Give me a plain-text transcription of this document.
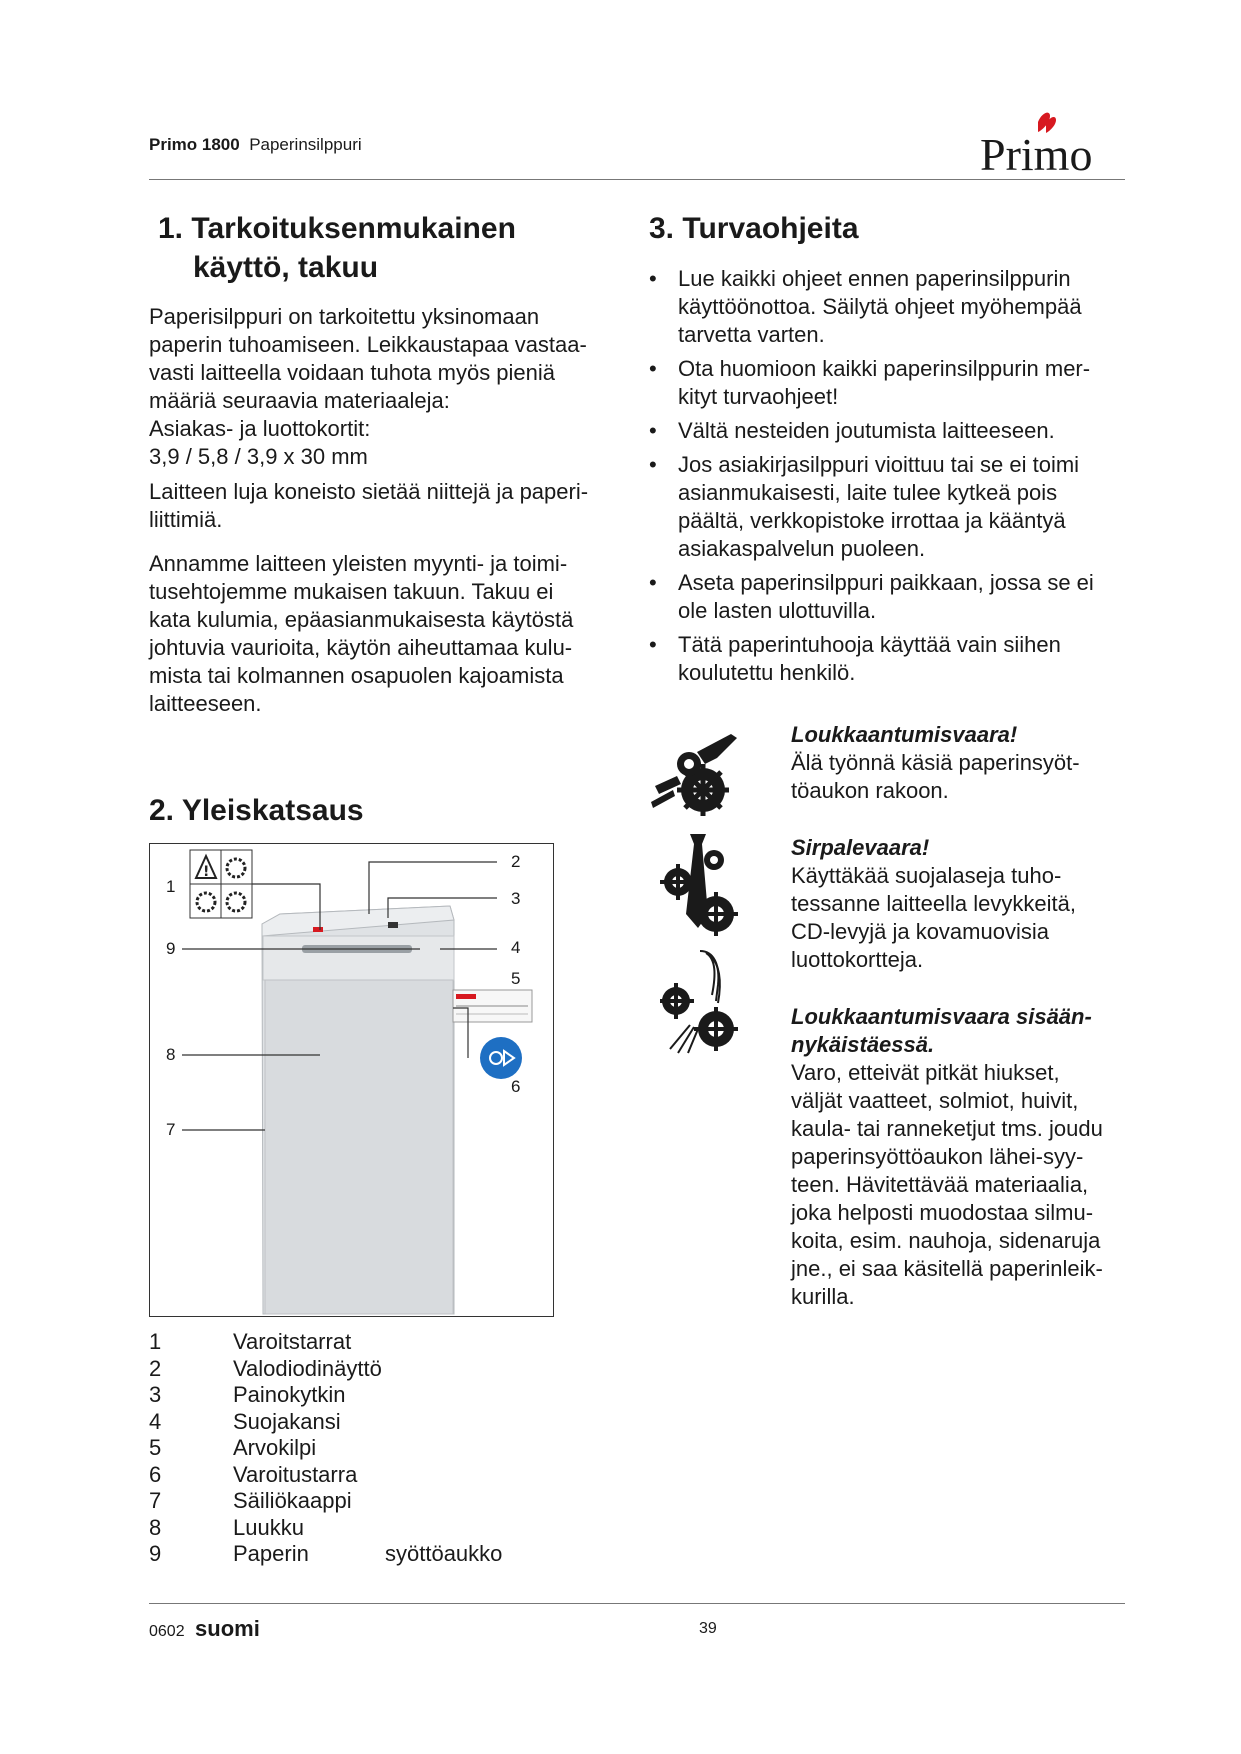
Primo 1800 Paperinsilppuri	Primo
1. Tarkoituksenmukainen
käyttö, takuu
Paperisilppuri on tarkoitettu yksinomaan
paperin tuhoamiseen. Leikkaustapaa vastaa-
vasti laitteella voidaan tuhota myös pieniä
määriä seuraavia materiaaleja:
Asiakas- ja luottokortit:
3,9 / 5,8 / 3,9 x 30 mm
Laitteen luja koneisto sietää niittejä ja paperi-
liittimiä.
Annamme laitteen yleisten myynti- ja toimi-
tusehtojemme mukaisen takuun. Takuu ei
kata kulumia, epäasianmukaisesta käytöstä
johtuvia vaurioita, käytön aiheuttamaa kulu-
mista tai kolmannen osapuolen kajoamista
laitteeseen.
2. Yleiskatsaus
!
1
2
3
4
5
6
7
8
9
1	Varoitstarrat
2	Valodiodinäyttö
3	Painokytkin
4	Suojakansi
5	Arvokilpi
6	Varoitustarra
7	Säiliökaappi
8	Luukku
9	Paperin	syöttöaukko
3. Turvaohjeita
• Lue kaikki ohjeet ennen paperinsilppurin
käyttöönottoa. Säilytä ohjeet myöhempää
tarvetta varten.
• Ota huomioon kaikki paperinsilppurin mer-
kityt turvaohjeet!
• Vältä nesteiden joutumista laitteeseen.
• Jos asiakirjasilppuri vioittuu tai se ei toimi
asianmukaisesti, laite tulee kytkeä pois
päältä, verkkopistoke irrottaa ja kääntyä
asiakaspalvelun puoleen.
• Aseta paperinsilppuri paikkaan, jossa se ei
ole lasten ulottuvilla.
• Tätä paperintuhooja käyttää vain siihen
koulutettu henkilö.
Loukkaantumisvaara!
Älä työnnä käsiä paperinsyöt-
töaukon rakoon.
Sirpalevaara!
Käyttäkää suojalaseja tuho-
tessanne laitteella levykkeitä,
CD-levyjä ja kovamuovisia
luottokortteja.
Loukkaantumisvaara sisään-
nykäistäessä.
Varo, etteivät pitkät hiukset,
väljät vaatteet, solmiot, huivit,
kaula- tai ranneketjut tms. joudu
paperinsyöttöaukon lähei-syy-
teen. Hävitettävää materiaalia,
joka helposti muodostaa silmu-
koita, esim. nauhoja, sidenaruja
jne., ei saa käsitellä paperinleik-
kurilla.
0602 suomi	39
